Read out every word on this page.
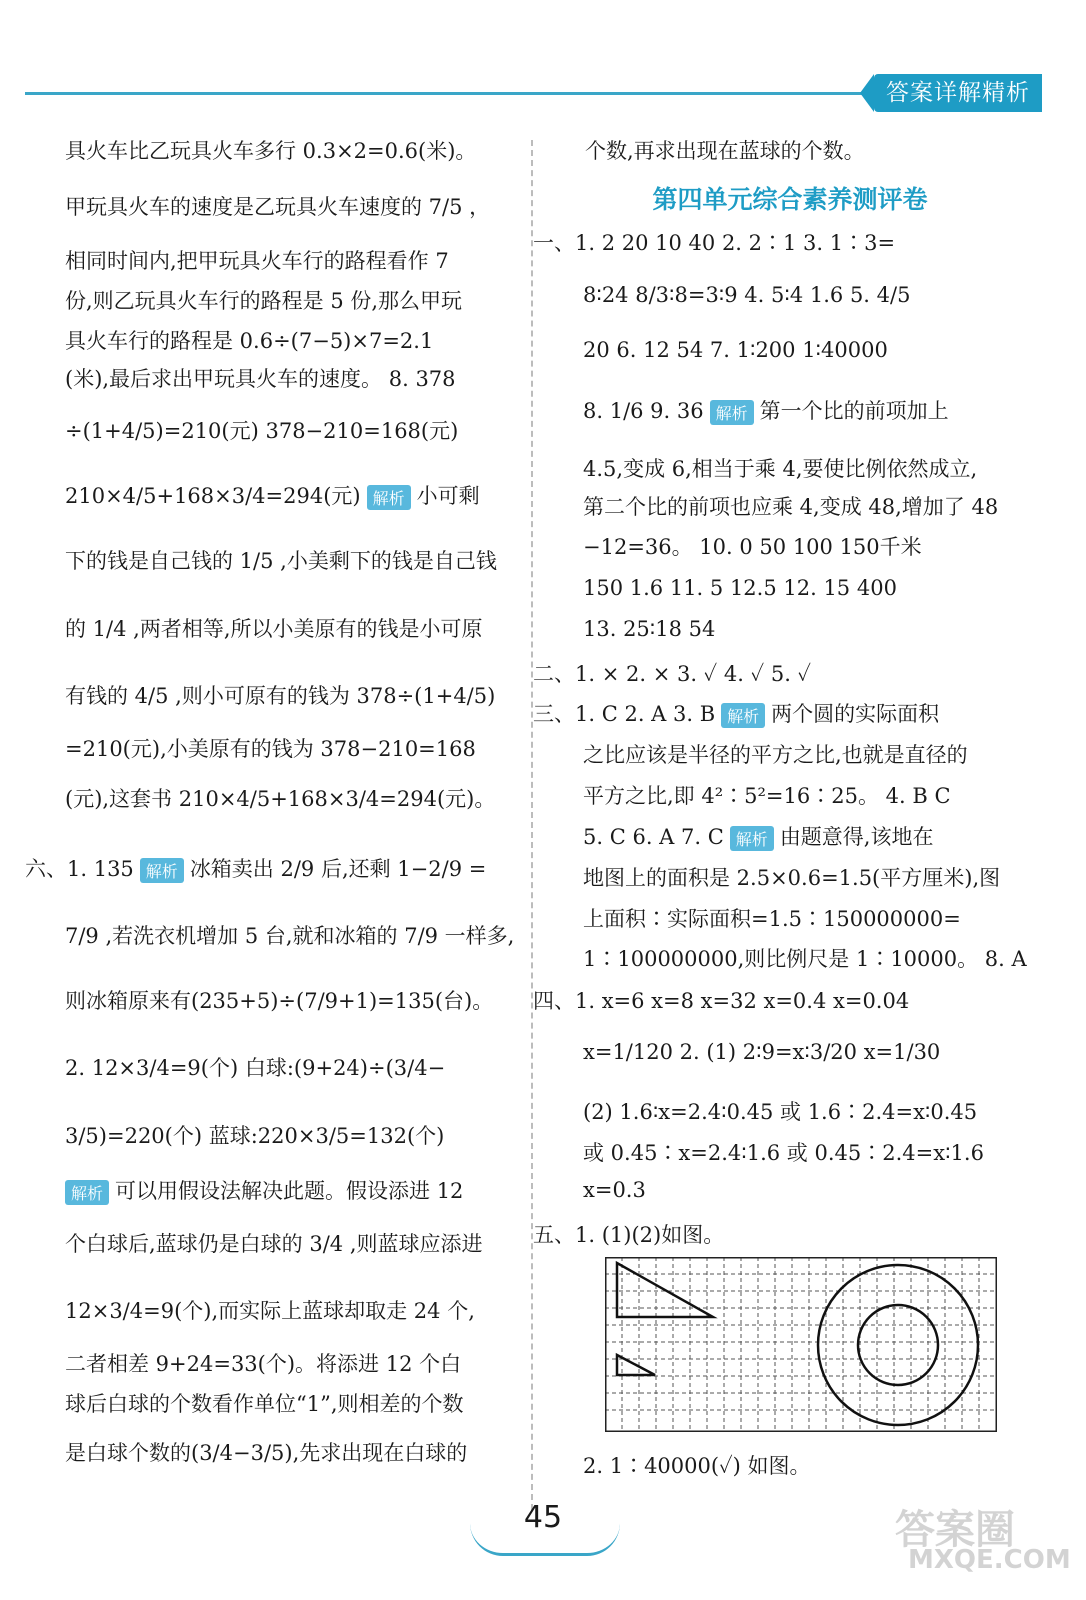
答案详解精析
具火车比乙玩具火车多行 0.3×2=0.6(米)。
甲玩具火车的速度是乙玩具火车速度的 7/5 ，
相同时间内,把甲玩具火车行的路程看作 7
份,则乙玩具火车行的路程是 5 份,那么甲玩
具火车行的路程是 0.6÷(7−5)×7=2.1
(米),最后求出甲玩具火车的速度。 8. 378
÷(1+4/5)=210(元) 378−210=168(元)
210×4/5+168×3/4=294(元) 解析 小可剩
下的钱是自己钱的 1/5 ,小美剩下的钱是自己钱
的 1/4 ,两者相等,所以小美原有的钱是小可原
有钱的 4/5 ,则小可原有的钱为 378÷(1+4/5)
=210(元),小美原有的钱为 378−210=168
(元),这套书 210×4/5+168×3/4=294(元)。
六、1. 135 解析 冰箱卖出 2/9 后,还剩 1−2/9 =
7/9 ,若洗衣机增加 5 台,就和冰箱的 7/9 一样多,
则冰箱原来有(235+5)÷(7/9+1)=135(台)。
2. 12×3/4=9(个) 白球:(9+24)÷(3/4−
3/5)=220(个) 蓝球:220×3/5=132(个)
解析 可以用假设法解决此题。假设添进 12
个白球后,蓝球仍是白球的 3/4 ,则蓝球应添进
12×3/4=9(个),而实际上蓝球却取走 24 个,
二者相差 9+24=33(个)。将添进 12 个白
球后白球的个数看作单位“1”,则相差的个数
是白球个数的(3/4−3/5),先求出现在白球的
个数,再求出现在蓝球的个数。
第四单元综合素养测评卷
一、1. 2 20 10 40 2. 2∶1 3. 1∶3=
8∶24 8/3∶8=3∶9 4. 5∶4 1.6 5. 4/5
20 6. 12 54 7. 1∶200 1∶40000
8. 1/6 9. 36 解析 第一个比的前项加上
4.5,变成 6,相当于乘 4,要使比例依然成立,
第二个比的前项也应乘 4,变成 48,增加了 48
−12=36。 10. 0 50 100 150千米
150 1.6 11. 5 12.5 12. 15 400
13. 25∶18 54
二、1. × 2. × 3. ✓ 4. ✓ 5. ✓
三、1. C 2. A 3. B 解析 两个圆的实际面积
之比应该是半径的平方之比,也就是直径的
平方之比,即 4²∶5²=16∶25。 4. B C
5. C 6. A 7. C 解析 由题意得,该地在
地图上的面积是 2.5×0.6=1.5(平方厘米),图
上面积∶实际面积=1.5∶150000000=
1∶100000000,则比例尺是 1∶10000。 8. A
四、1. x=6 x=8 x=32 x=0.4 x=0.04
x=1/120 2. (1) 2∶9=x∶3/20 x=1/30
(2) 1.6∶x=2.4∶0.45 或 1.6∶2.4=x∶0.45
或 0.45∶x=2.4∶1.6 或 0.45∶2.4=x∶1.6
x=0.3
五、1. (1)(2)如图。
2. 1∶40000(✓) 如图。
45	答案圈
MXQE.COM
